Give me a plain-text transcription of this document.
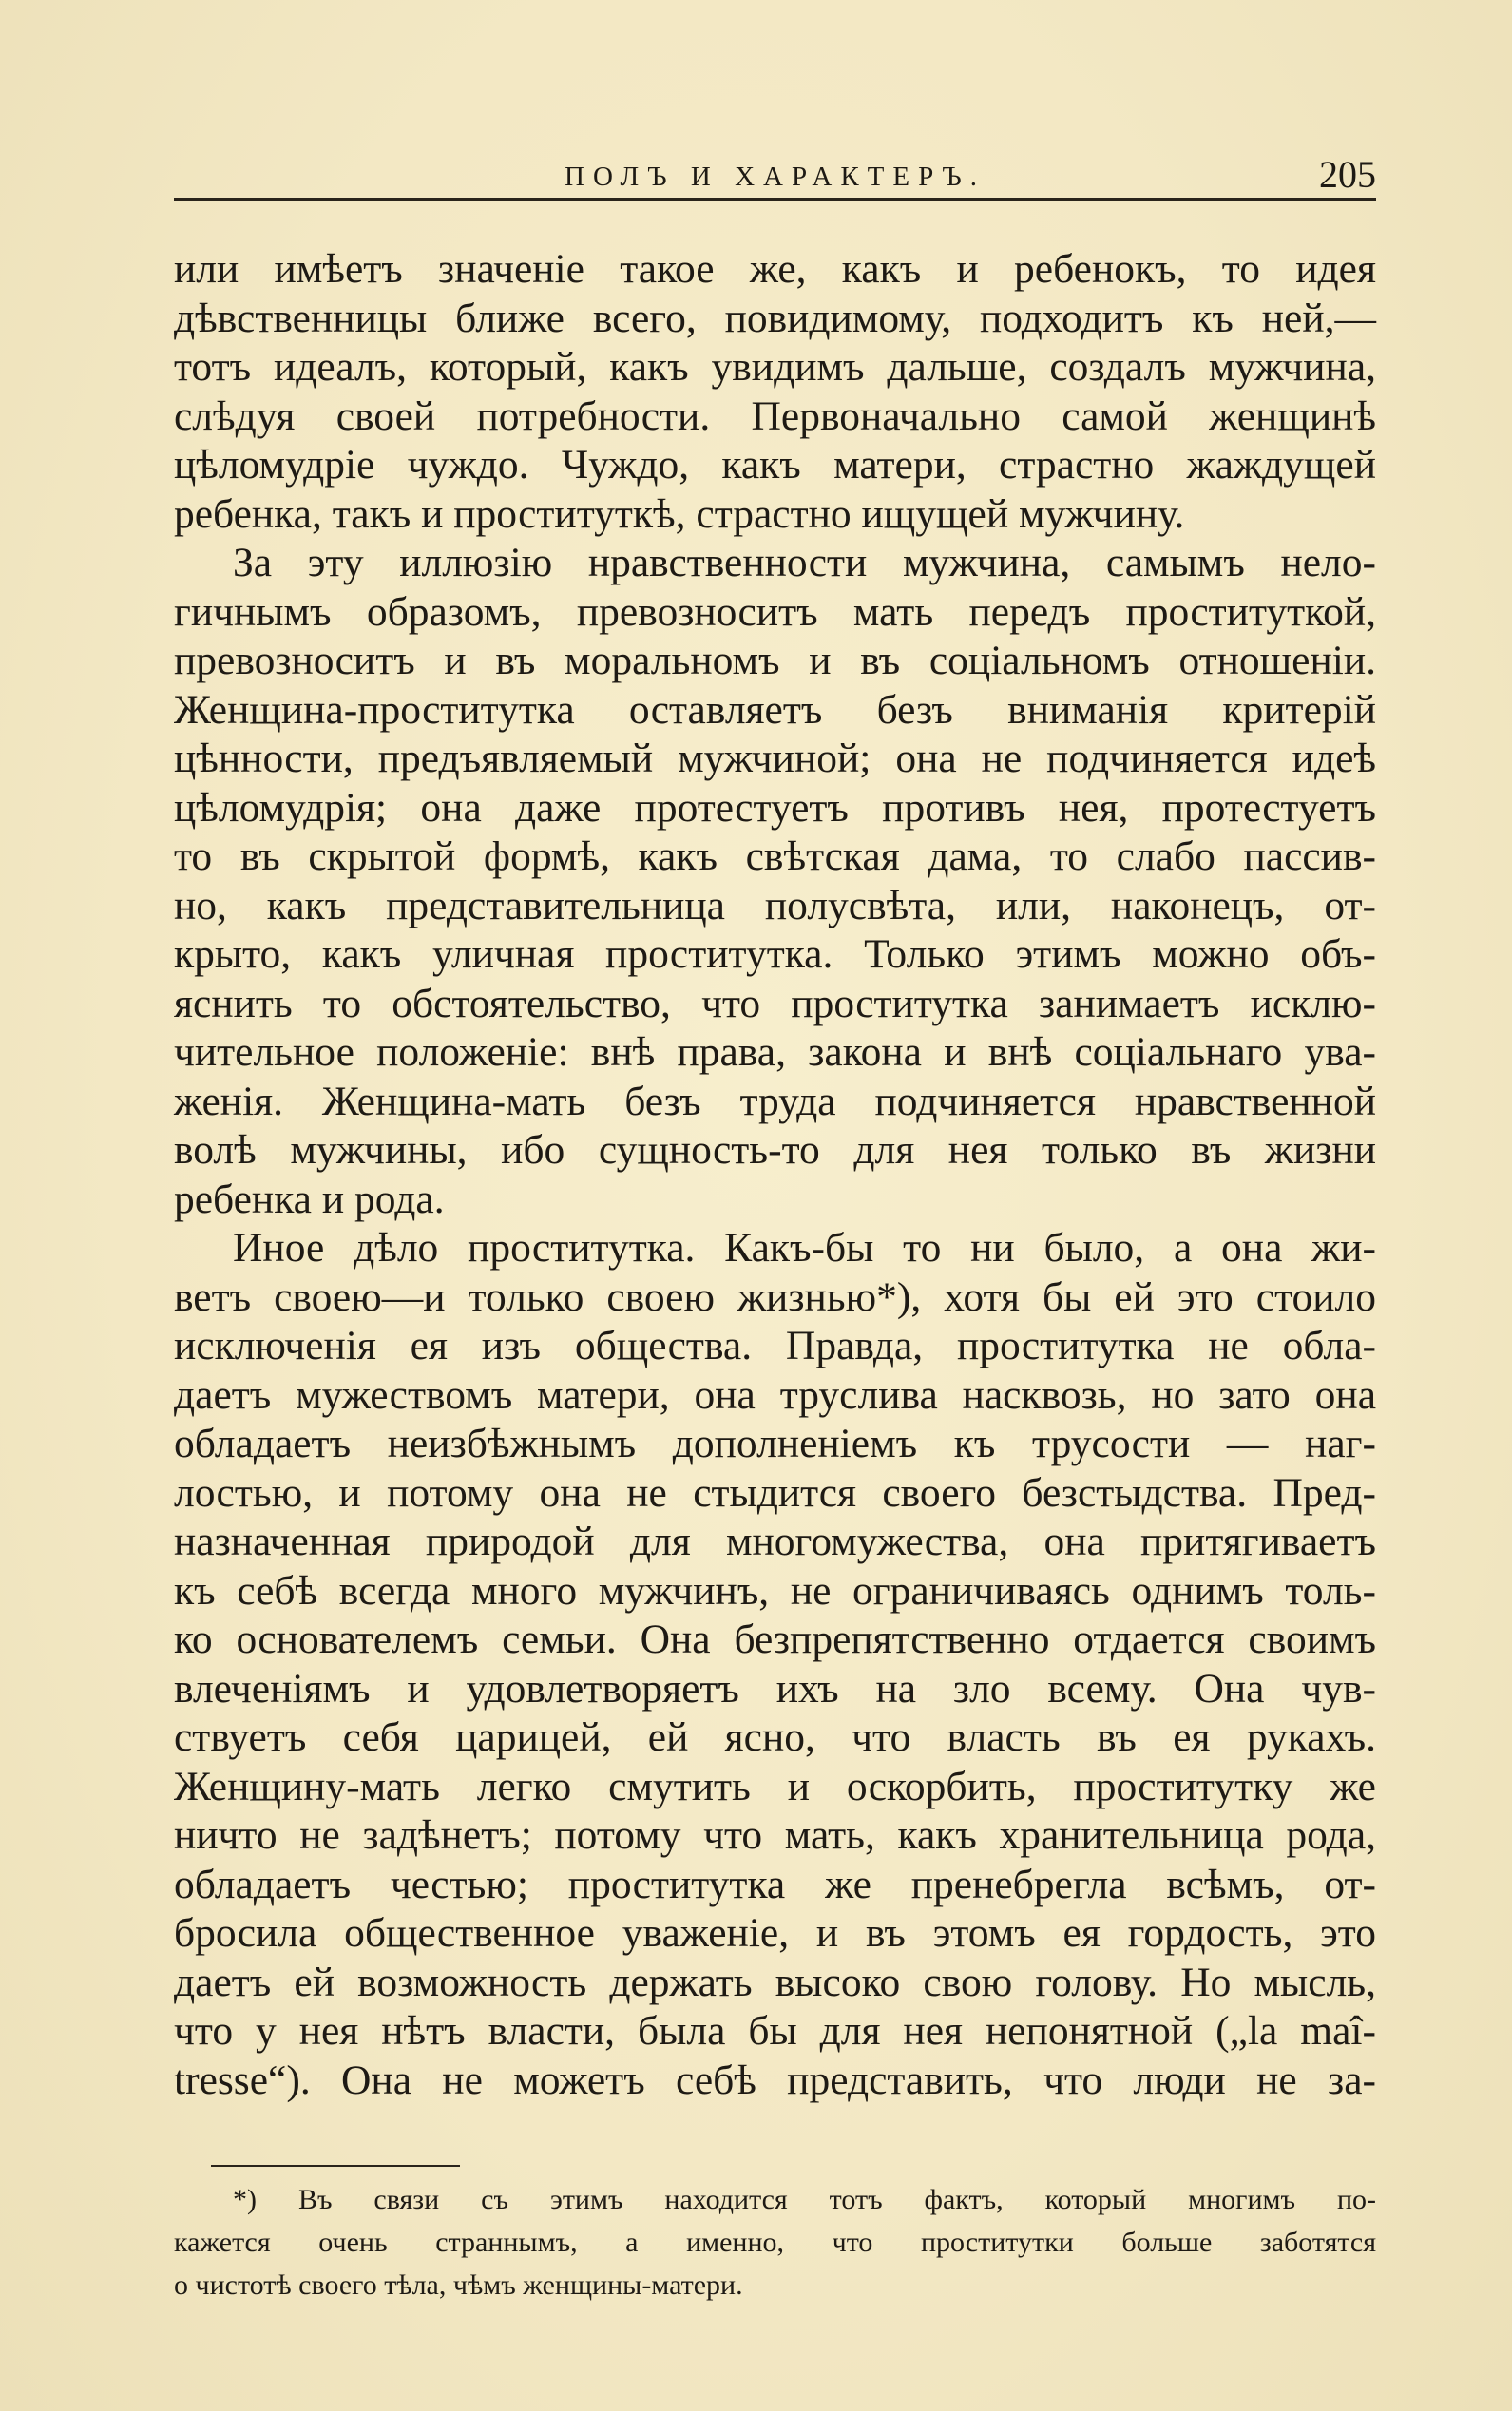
ПОЛЪ И ХАРАКТЕРЪ.	205
или имѣетъ значеніе такое же, какъ и ребенокъ, то идея
дѣвственницы ближе всего, повидимому, подходитъ къ ней,—
тотъ идеалъ, который, какъ увидимъ дальше, создалъ мужчина,
слѣдуя своей потребности. Первоначально самой женщинѣ
цѣломудріе чуждо. Чуждо, какъ матери, страстно жаждущей
ребенка, такъ и проституткѣ, страстно ищущей мужчину.
За эту иллюзію нравственности мужчина, самымъ нело-
гичнымъ образомъ, превозноситъ мать передъ проституткой,
превозноситъ и въ моральномъ и въ соціальномъ отношеніи.
Женщина-проститутка оставляетъ безъ вниманія критерій
цѣнности, предъявляемый мужчиной; она не подчиняется идеѣ
цѣломудрія; она даже протестуетъ противъ нея, протестуетъ
то въ скрытой формѣ, какъ свѣтская дама, то слабо пассив-
но, какъ представительница полусвѣта, или, наконецъ, от-
крыто, какъ уличная проститутка. Только этимъ можно объ-
яснить то обстоятельство, что проститутка занимаетъ исклю-
чительное положеніе: внѣ права, закона и внѣ соціальнаго ува-
женія. Женщина-мать безъ труда подчиняется нравственной
волѣ мужчины, ибо сущность-то для нея только въ жизни
ребенка и рода.
Иное дѣло проститутка. Какъ-бы то ни было, а она жи-
ветъ своею—и только своею жизнью*), хотя бы ей это стоило
исключенія ея изъ общества. Правда, проститутка не обла-
даетъ мужествомъ матери, она труслива насквозь, но зато она
обладаетъ неизбѣжнымъ дополненіемъ къ трусости — наг-
лостью, и потому она не стыдится своего безстыдства. Пред-
назначенная природой для многомужества, она притягиваетъ
къ себѣ всегда много мужчинъ, не ограничиваясь однимъ толь-
ко основателемъ семьи. Она безпрепятственно отдается своимъ
влеченіямъ и удовлетворяетъ ихъ на зло всему. Она чув-
ствуетъ себя царицей, ей ясно, что власть въ ея рукахъ.
Женщину-мать легко смутить и оскорбить, проститутку же
ничто не задѣнетъ; потому что мать, какъ хранительница рода,
обладаетъ честью; проститутка же пренебрегла всѣмъ, от-
бросила общественное уваженіе, и въ этомъ ея гордость, это
даетъ ей возможность держать высоко свою голову. Но мысль,
что у нея нѣтъ власти, была бы для нея непонятной („la maî-
tresse“). Она не можетъ себѣ представить, что люди не за-
*) Въ связи съ этимъ находится тотъ фактъ, который многимъ по-
кажется очень страннымъ, а именно, что проститутки больше заботятся
о чистотѣ своего тѣла, чѣмъ женщины-матери.
